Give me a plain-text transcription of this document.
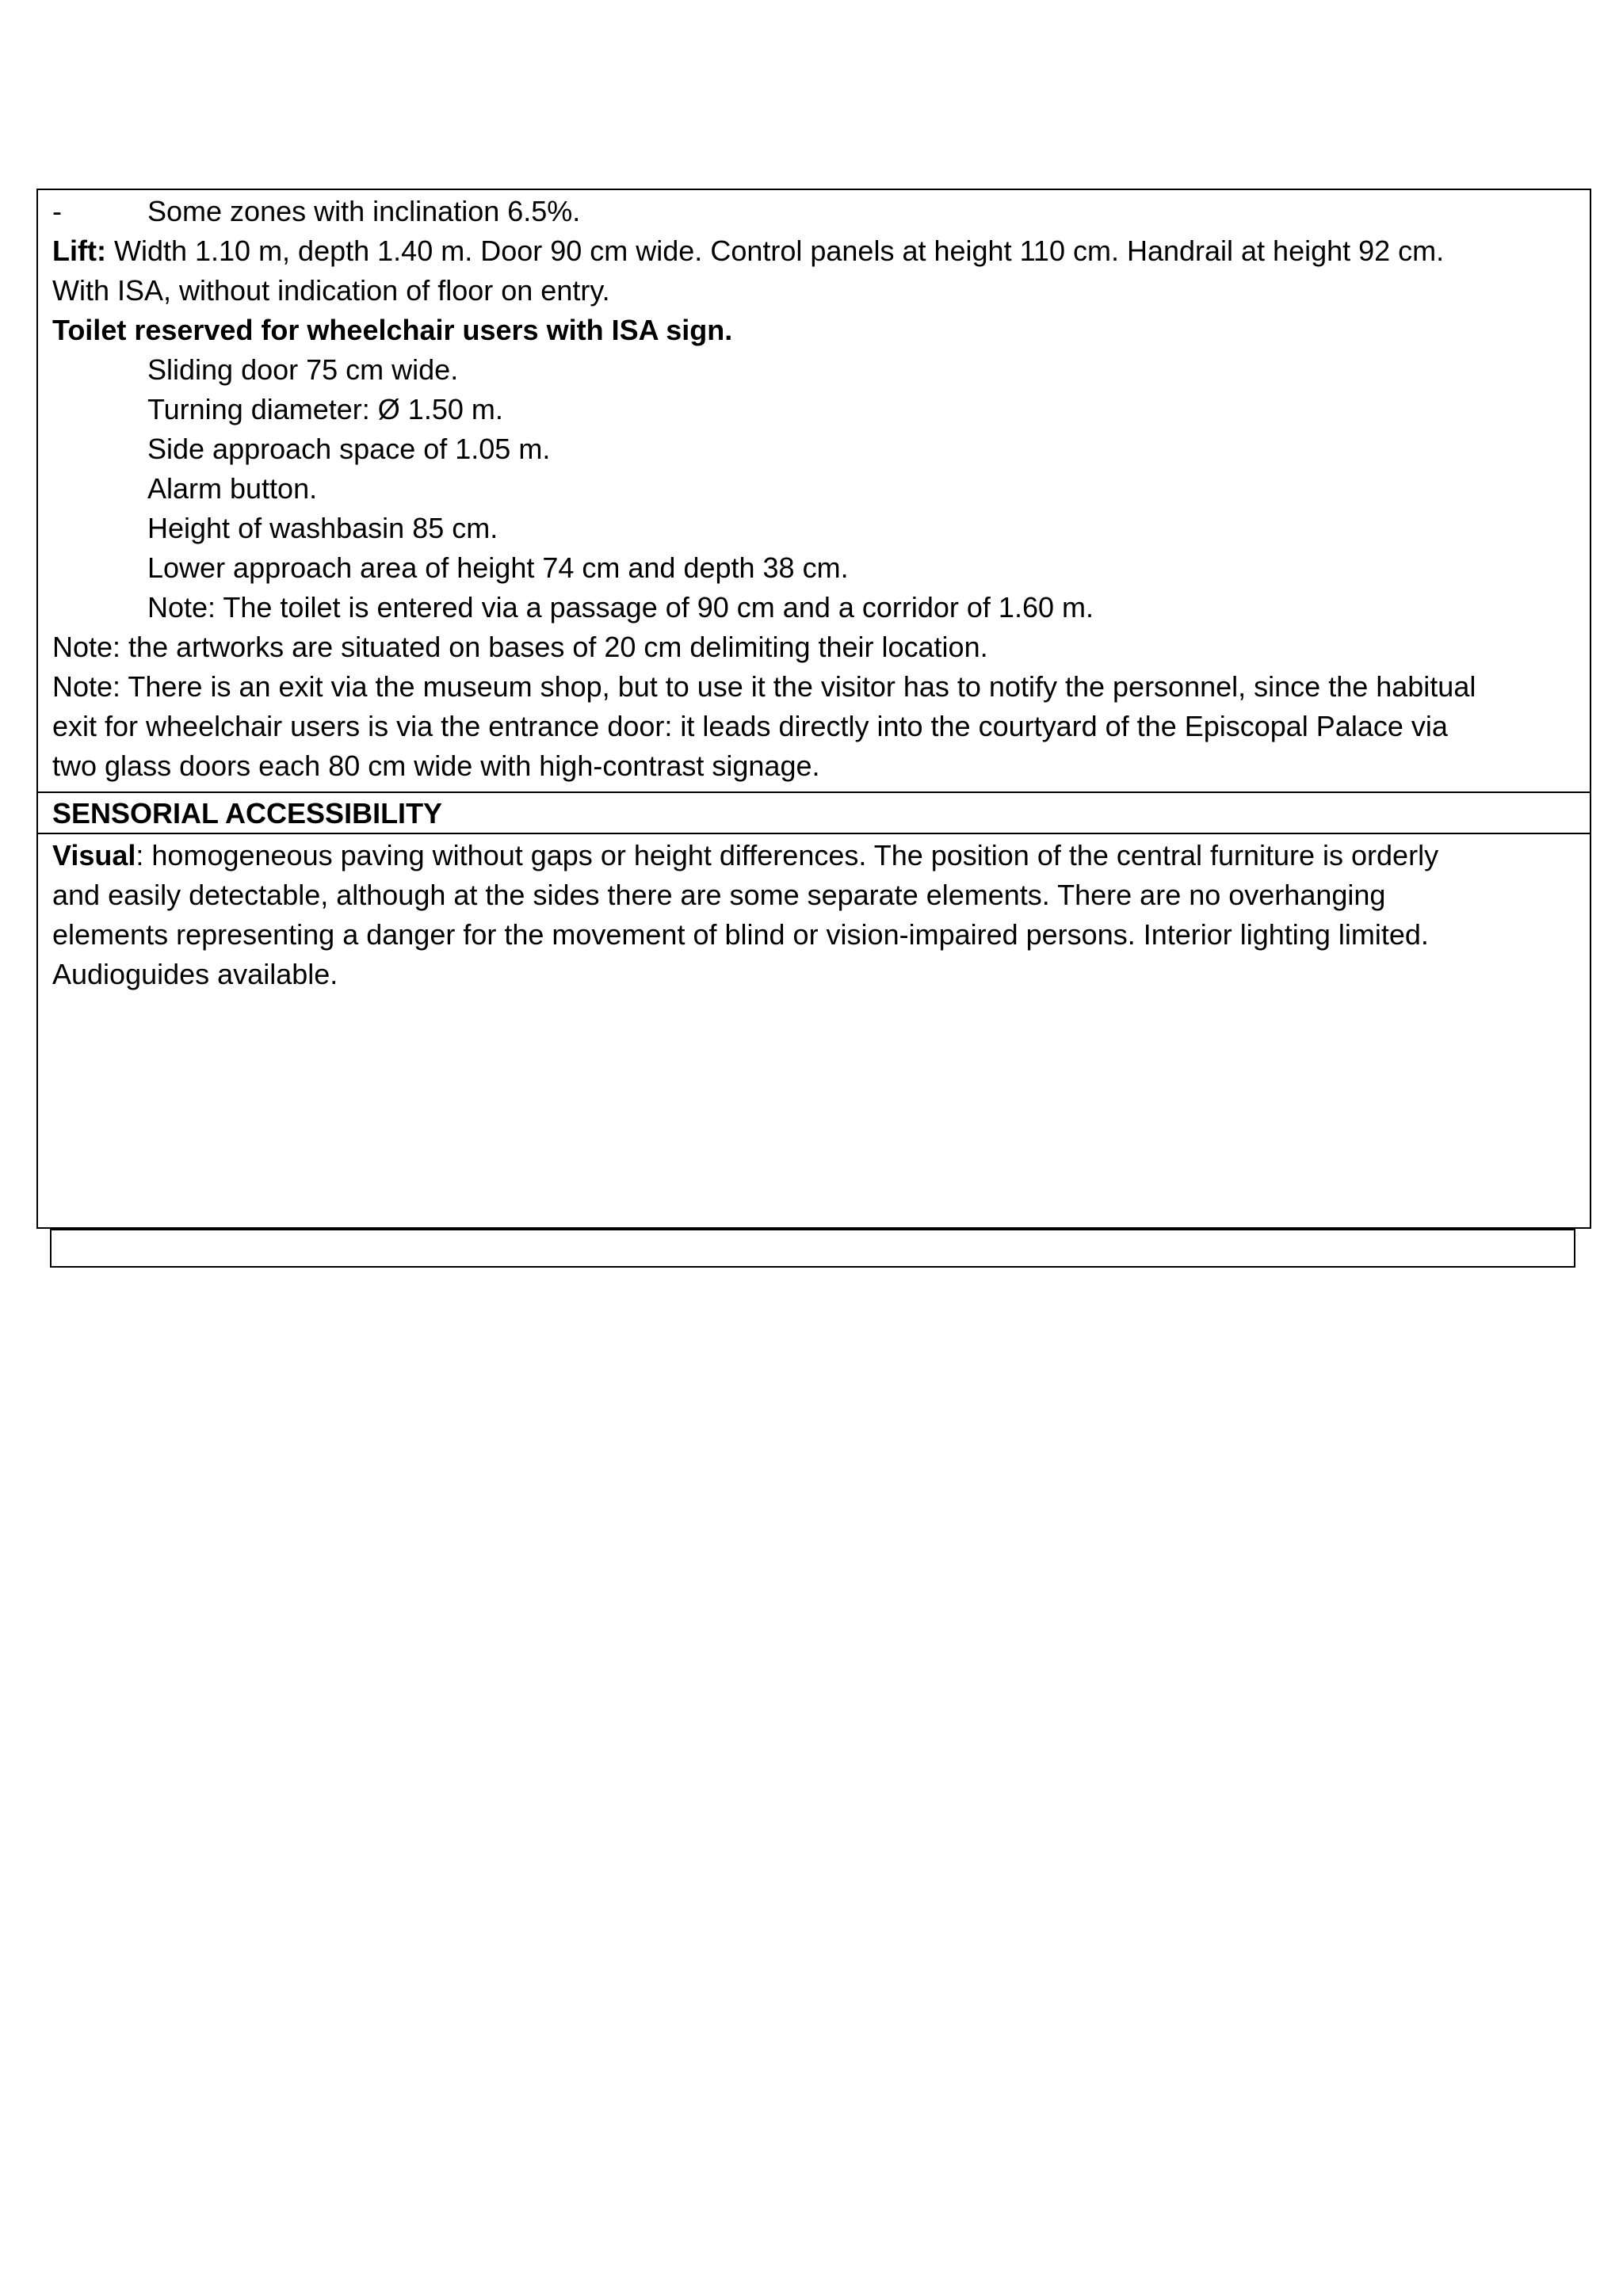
-	Some zones with inclination 6.5%.
Lift: Width 1.10 m, depth 1.40 m. Door 90 cm wide. Control panels at height 110 cm. Handrail at height 92 cm.
With ISA, without indication of floor on entry.
Toilet reserved for wheelchair users with ISA sign.
Sliding door 75 cm wide.
Turning diameter: Ø 1.50 m.
Side approach space of 1.05 m.
Alarm button.
Height of washbasin 85 cm.
Lower approach area of height 74 cm and depth 38 cm.
Note: The toilet is entered via a passage of 90 cm and a corridor of 1.60 m.
Note: the artworks are situated on bases of 20 cm delimiting their location.
Note: There is an exit via the museum shop, but to use it the visitor has to notify the personnel, since the habitual
exit for wheelchair users is via the entrance door: it leads directly into the courtyard of the Episcopal Palace via
two glass doors each 80 cm wide with high-contrast signage.
SENSORIAL ACCESSIBILITY
Visual: homogeneous paving without gaps or height differences. The position of the central furniture is orderly
and easily detectable, although at the sides there are some separate elements. There are no overhanging
elements representing a danger for the movement of blind or vision-impaired persons. Interior lighting limited.
Audioguides available.
